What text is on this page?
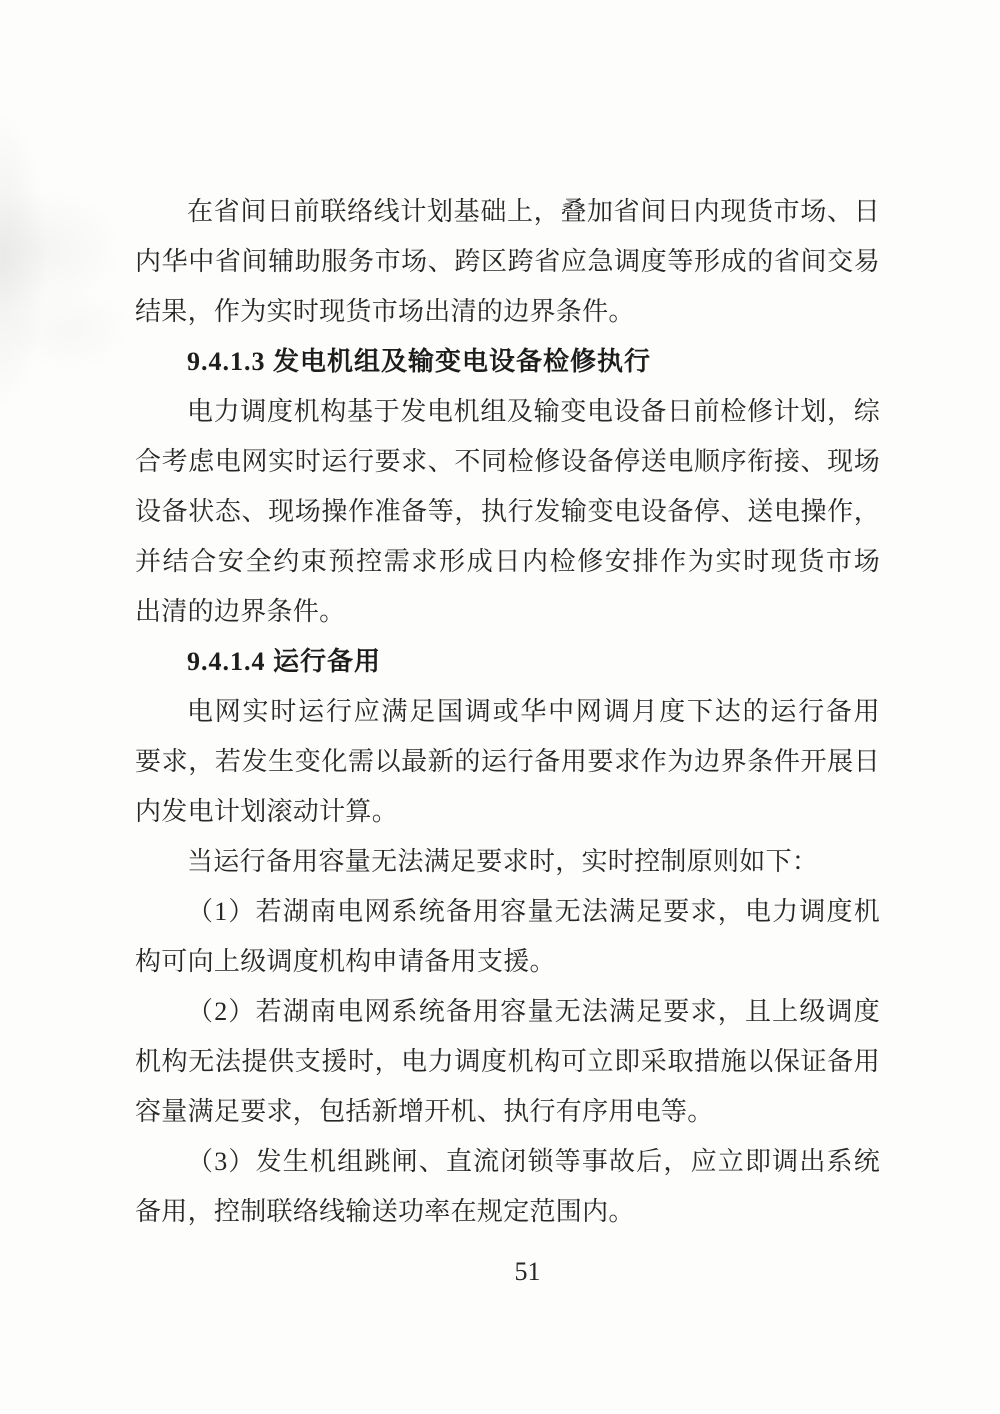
在省间日前联络线计划基础上，叠加省间日内现货市场、日
内华中省间辅助服务市场、跨区跨省应急调度等形成的省间交易
结果，作为实时现货市场出清的边界条件。
9.4.1.3 发电机组及输变电设备检修执行
电力调度机构基于发电机组及输变电设备日前检修计划，综
合考虑电网实时运行要求、不同检修设备停送电顺序衔接、现场
设备状态、现场操作准备等，执行发输变电设备停、送电操作，
并结合安全约束预控需求形成日内检修安排作为实时现货市场
出清的边界条件。
9.4.1.4 运行备用
电网实时运行应满足国调或华中网调月度下达的运行备用
要求，若发生变化需以最新的运行备用要求作为边界条件开展日
内发电计划滚动计算。
当运行备用容量无法满足要求时，实时控制原则如下：
（1）若湖南电网系统备用容量无法满足要求，电力调度机
构可向上级调度机构申请备用支援。
（2）若湖南电网系统备用容量无法满足要求，且上级调度
机构无法提供支援时，电力调度机构可立即采取措施以保证备用
容量满足要求，包括新增开机、执行有序用电等。
（3）发生机组跳闸、直流闭锁等事故后，应立即调出系统
备用，控制联络线输送功率在规定范围内。
51
